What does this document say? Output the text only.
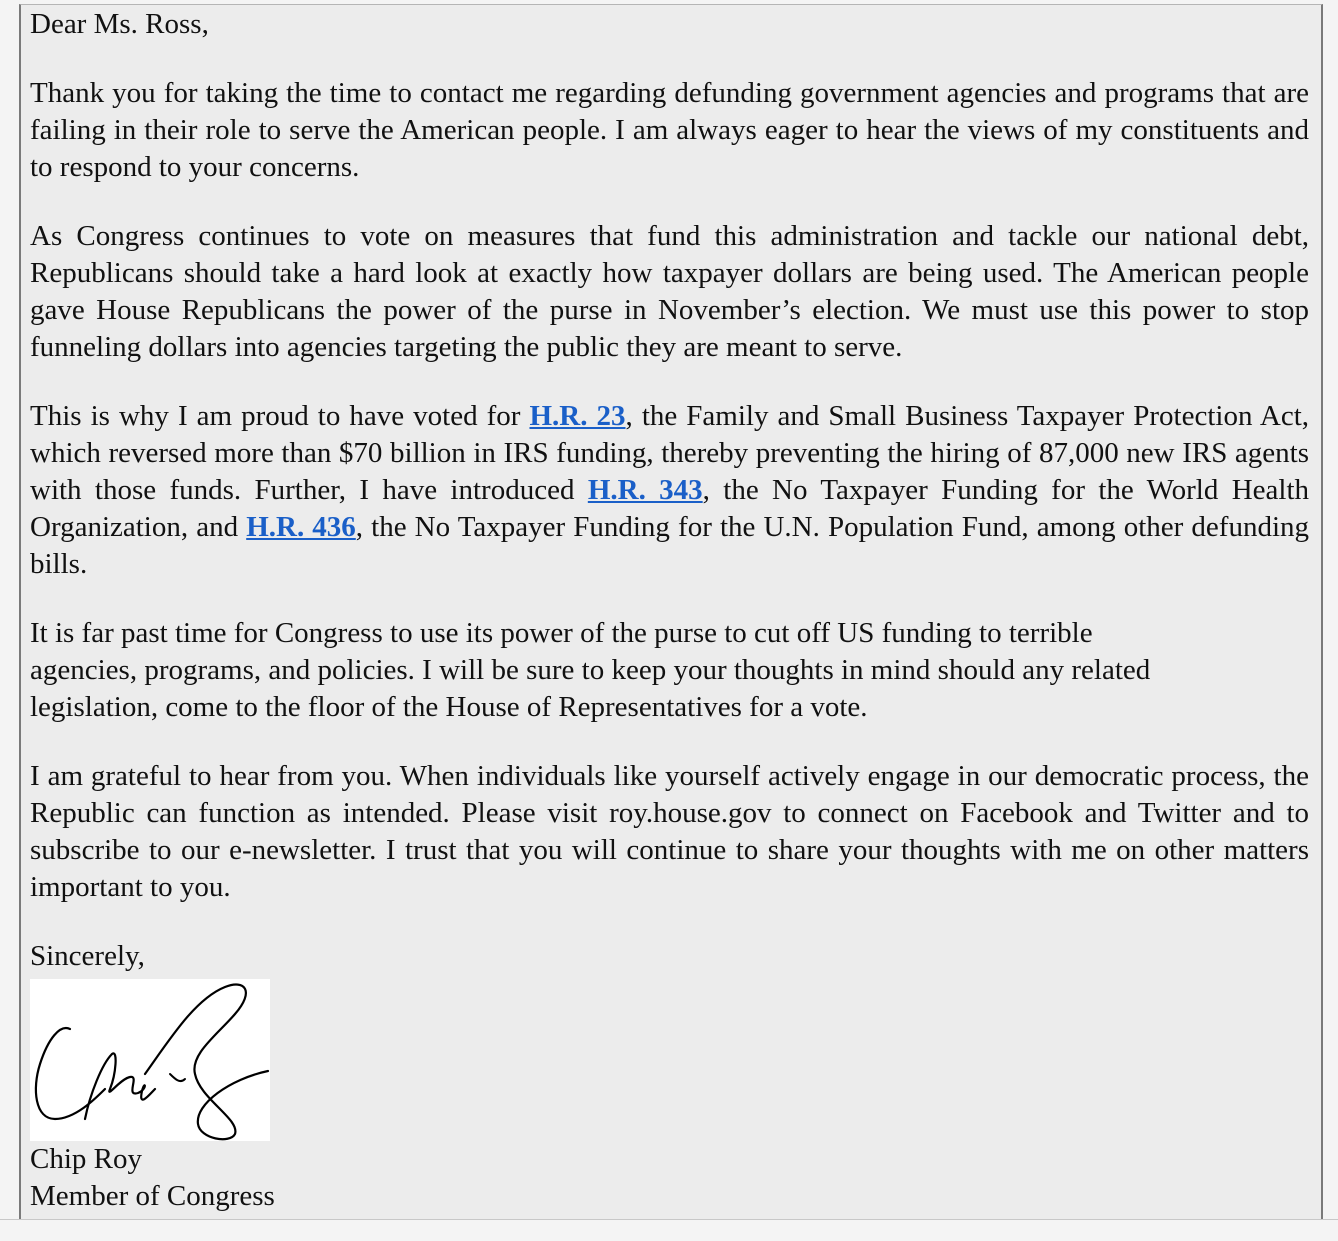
Dear Ms. Ross,

Thank you for taking the time to contact me regarding defunding government agencies and programs that are failing in their role to serve the American people. I am always eager to hear the views of my constituents and to respond to your concerns.

As Congress continues to vote on measures that fund this administration and tackle our national debt, Republicans should take a hard look at exactly how taxpayer dollars are being used. The American people gave House Republicans the power of the purse in November’s election. We must use this power to stop funneling dollars into agencies targeting the public they are meant to serve.

This is why I am proud to have voted for H.R. 23, the Family and Small Business Taxpayer Protection Act, which reversed more than $70 billion in IRS funding, thereby preventing the hiring of 87,000 new IRS agents with those funds. Further, I have introduced H.R. 343, the No Taxpayer Funding for the World Health Organization, and H.R. 436, the No Taxpayer Funding for the U.N. Population Fund, among other defunding bills.

It is far past time for Congress to use its power of the purse to cut off US funding to terrible
agencies, programs, and policies. I will be sure to keep your thoughts in mind should any related
legislation, come to the floor of the House of Representatives for a vote.

I am grateful to hear from you. When individuals like yourself actively engage in our democratic process, the Republic can function as intended. Please visit roy.house.gov to connect on Facebook and Twitter and to subscribe to our e-newsletter. I trust that you will continue to share your thoughts with me on other matters important to you.

Sincerely,

Chip Roy

Member of Congress
